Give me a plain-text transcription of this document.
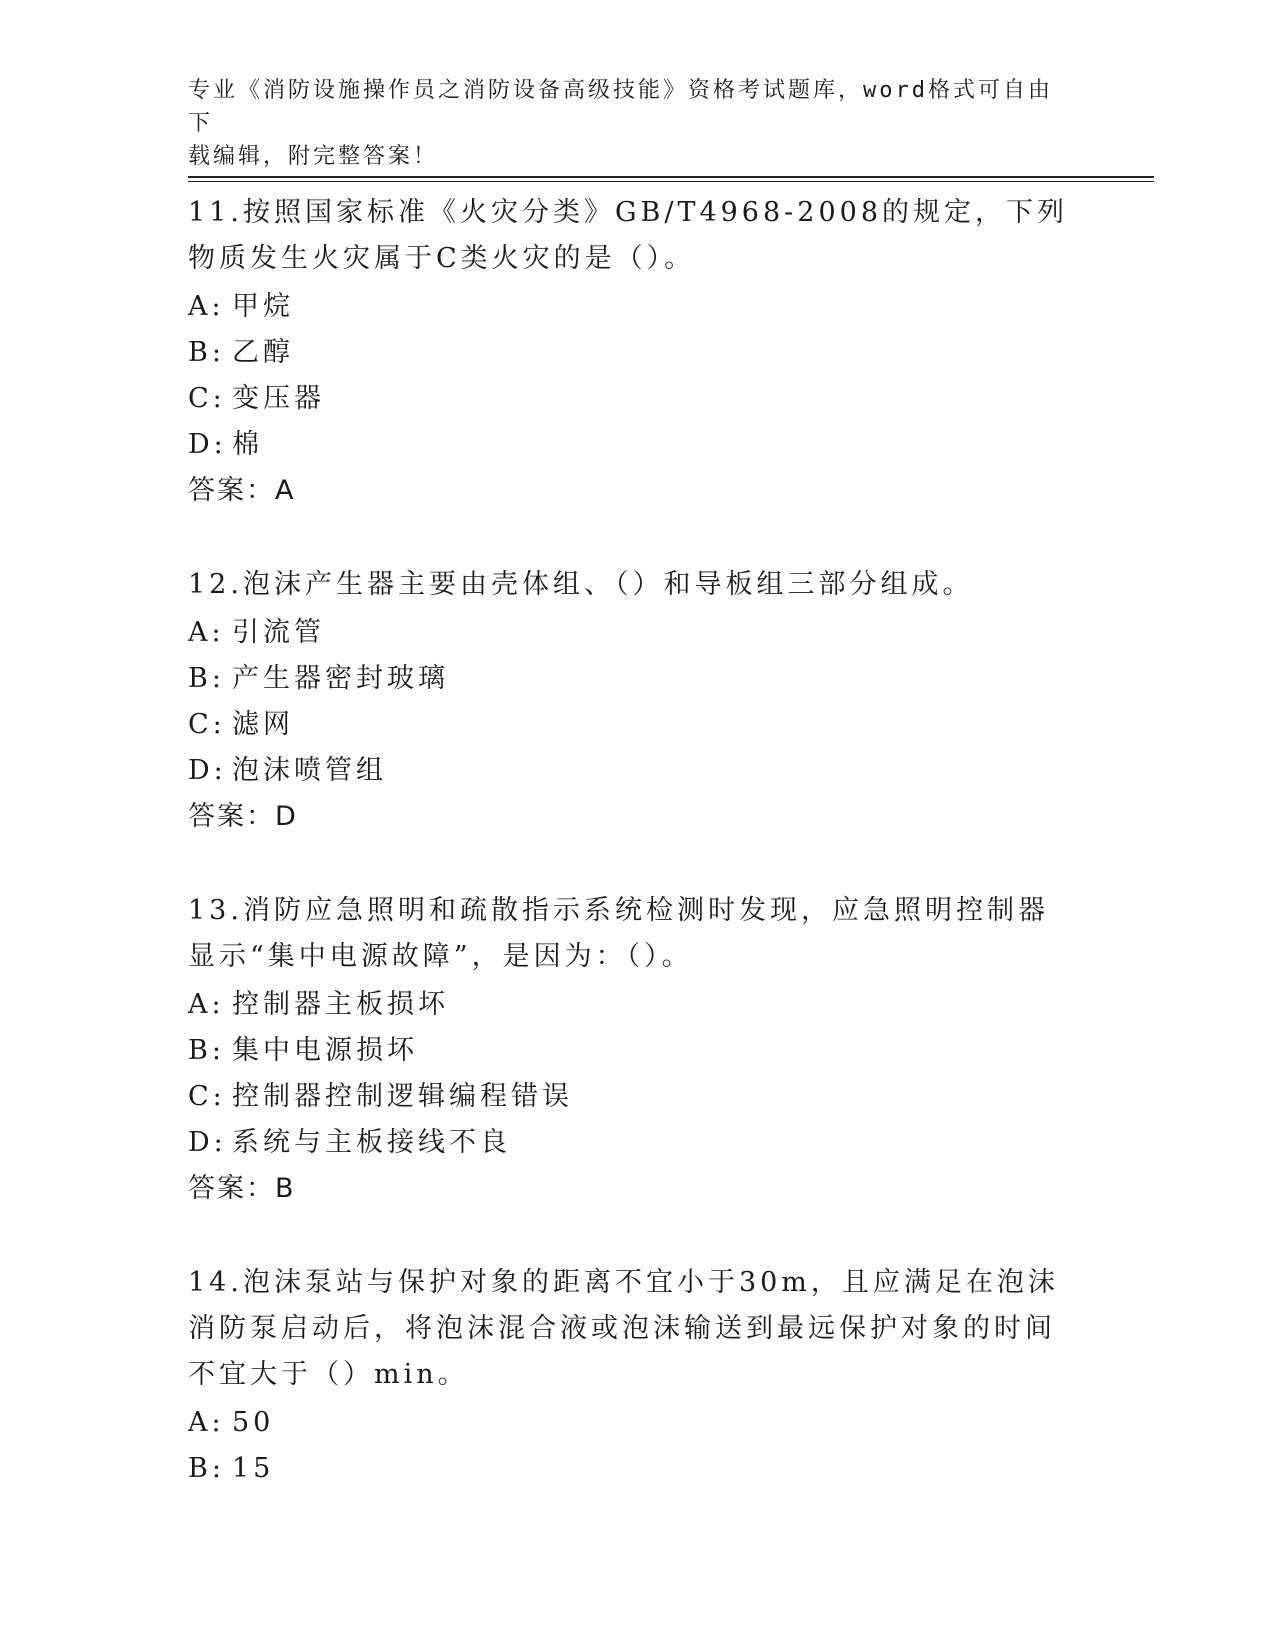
专业《消防设施操作员之消防设备高级技能》资格考试题库，word格式可自由下
载编辑，附完整答案！
11.按照国家标准《火灾分类》GB/T4968-2008的规定，下列物质发生火灾属于C类火灾的是（）。
A: 甲烷
B: 乙醇
C: 变压器
D: 棉
答案：A
12.泡沫产生器主要由壳体组、（）和导板组三部分组成。
A: 引流管
B: 产生器密封玻璃
C: 滤网
D: 泡沫喷管组
答案：D
13.消防应急照明和疏散指示系统检测时发现，应急照明控制器显示“集中电源故障”，是因为：（）。
A: 控制器主板损坏
B: 集中电源损坏
C: 控制器控制逻辑编程错误
D: 系统与主板接线不良
答案：B
14.泡沫泵站与保护对象的距离不宜小于30m，且应满足在泡沫消防泵启动后，将泡沫混合液或泡沫输送到最远保护对象的时间不宜大于（）min。
A: 50
B: 15
